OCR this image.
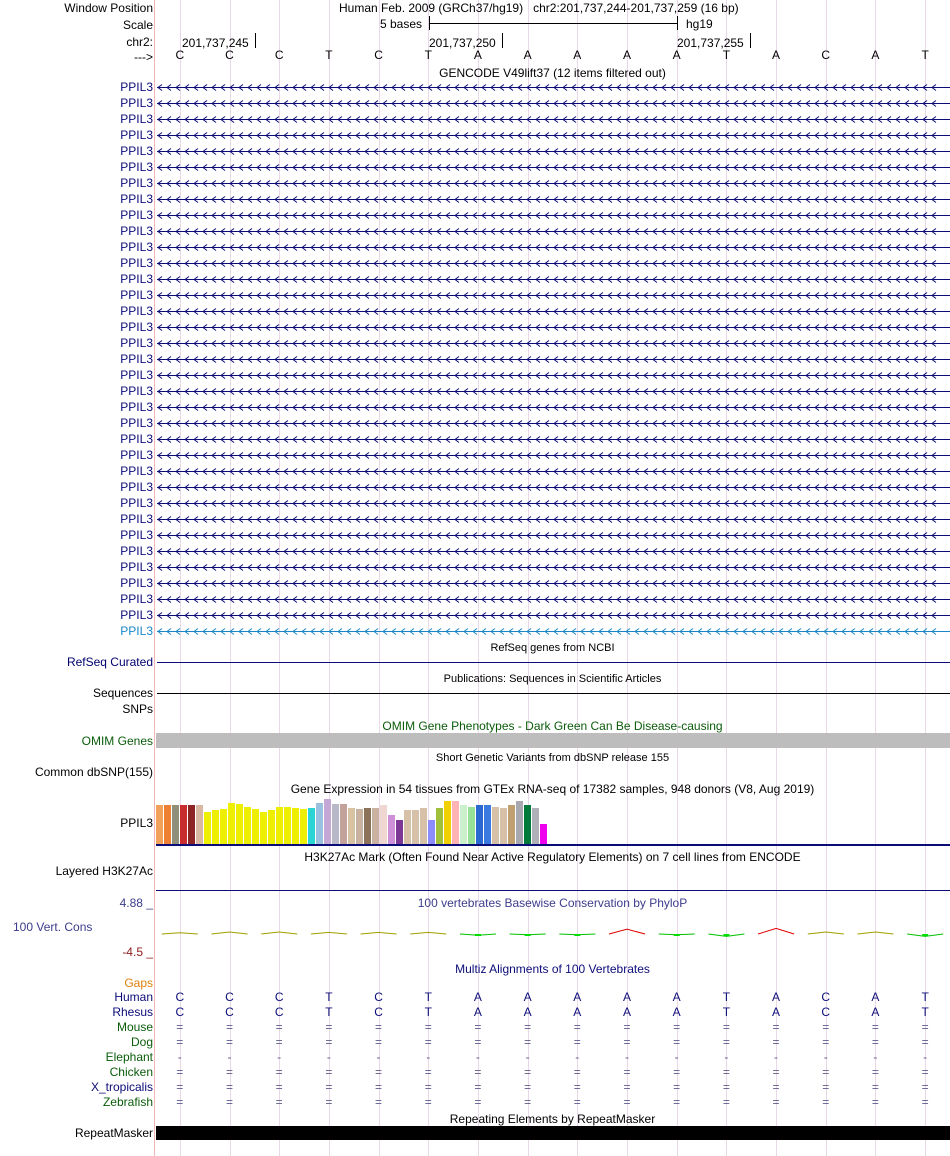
Window Position	Human Feb. 2009 (GRCh37/hg19) chr2:201,737,244-201,737,259 (16 bp)
Scale	5 bases	hg19
chr2: 201,737,245	201,737,250	201,737,255
--->	C	C	C	T	C	T	A	A	A	A	A	T	A	C	A	T
GENCODE V49lift37 (12 items filtered out)
RefSeq genes from NCBI
RefSeq Curated
Publications: Sequences in Scientific Articles
Sequences
SNPs
OMIM Gene Phenotypes - Dark Green Can Be Disease-causing
OMIM Genes
Short Genetic Variants from dbSNP release 155
Common dbSNP(155)
Gene Expression in 54 tissues from GTEx RNA-seq of 17382 samples, 948 donors (V8, Aug 2019)
PPIL3
H3K27Ac Mark (Often Found Near Active Regulatory Elements) on 7 cell lines from ENCODE
Layered H3K27Ac
100 vertebrates Basewise Conservation by PhyloP
4.88 _
100 Vert. Cons
-4.5 _
Multiz Alignments of 100 Vertebrates
Gaps
Human	C	C	C	T	C	T	A	A	A	A	A	T	A	C	A	T
Rhesus	C	C	C	T	C	T	A	A	A	A	A	T	A	C	A	T
Mouse	=	=	=	=	=	=	=	=	=	=	=	=	=	=	=	=
Dog	=	=	=	=	=	=	=	=	=	=	=	=	=	=	=	=
Elephant	-	-	-	-	-	-	-	-	-	-	-	-	-	-	-	-
Chicken	=	=	=	=	=	=	=	=	=	=	=	=	=	=	=	=
X_tropicalis	=	=	=	=	=	=	=	=	=	=	=	=	=	=	=	=
Zebrafish	=	=	=	=	=	=	=	=	=	=	=	=	=	=	=	=
Repeating Elements by RepeatMasker
RepeatMasker
PPIL3
PPIL3
PPIL3
PPIL3
PPIL3
PPIL3
PPIL3
PPIL3
PPIL3
PPIL3
PPIL3
PPIL3
PPIL3
PPIL3
PPIL3
PPIL3
PPIL3
PPIL3
PPIL3
PPIL3
PPIL3
PPIL3
PPIL3
PPIL3
PPIL3
PPIL3
PPIL3
PPIL3
PPIL3
PPIL3
PPIL3
PPIL3
PPIL3
PPIL3
PPIL3
